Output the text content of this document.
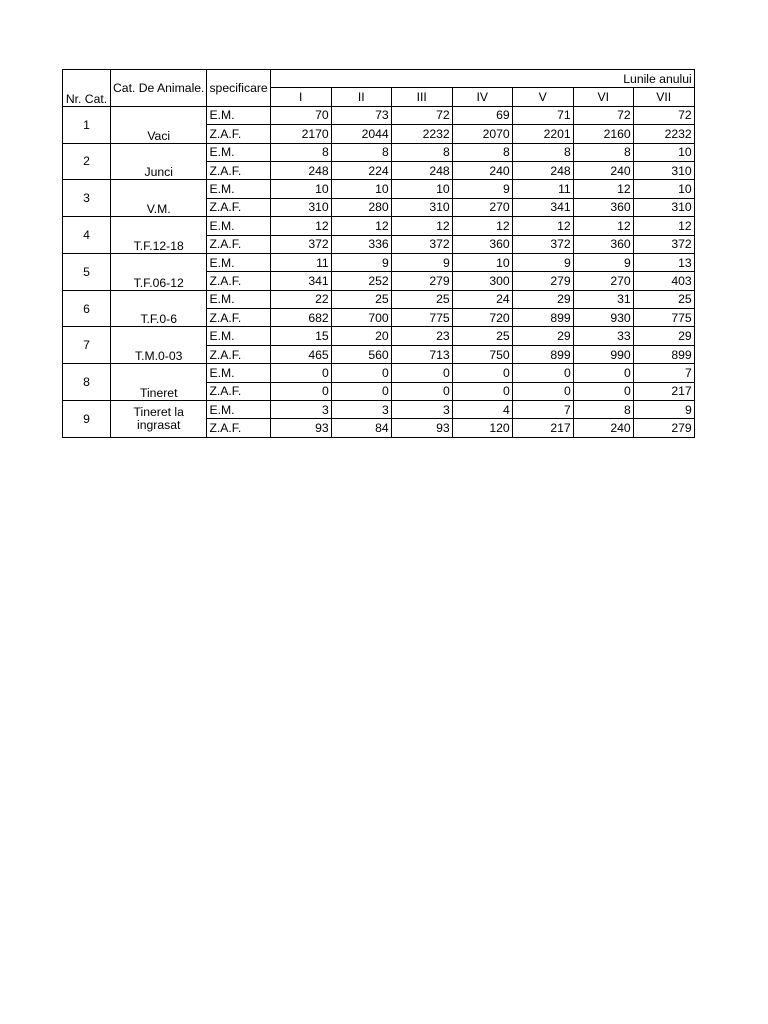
Nr. Cat.	Cat. De Animale.	specificare	Lunile anului						
			I	II	III	IV	V	VI	VII
1	Vaci	E.M.	70	73	72	69	71	72	72
		Z.A.F.	2170	2044	2232	2070	2201	2160	2232
2	Junci	E.M.	8	8	8	8	8	8	10
		Z.A.F.	248	224	248	240	248	240	310
3	V.M.	E.M.	10	10	10	9	11	12	10
		Z.A.F.	310	280	310	270	341	360	310
4	T.F.12-18	E.M.	12	12	12	12	12	12	12
		Z.A.F.	372	336	372	360	372	360	372
5	T.F.06-12	E.M.	11	9	9	10	9	9	13
		Z.A.F.	341	252	279	300	279	270	403
6	T.F.0-6	E.M.	22	25	25	24	29	31	25
		Z.A.F.	682	700	775	720	899	930	775
7	T.M.0-03	E.M.	15	20	23	25	29	33	29
		Z.A.F.	465	560	713	750	899	990	899
8	Tineret	E.M.	0	0	0	0	0	0	7
		Z.A.F.	0	0	0	0	0	0	217
9	Tineret la ingrasat	E.M.	3	3	3	4	7	8	9
		Z.A.F.	93	84	93	120	217	240	279
